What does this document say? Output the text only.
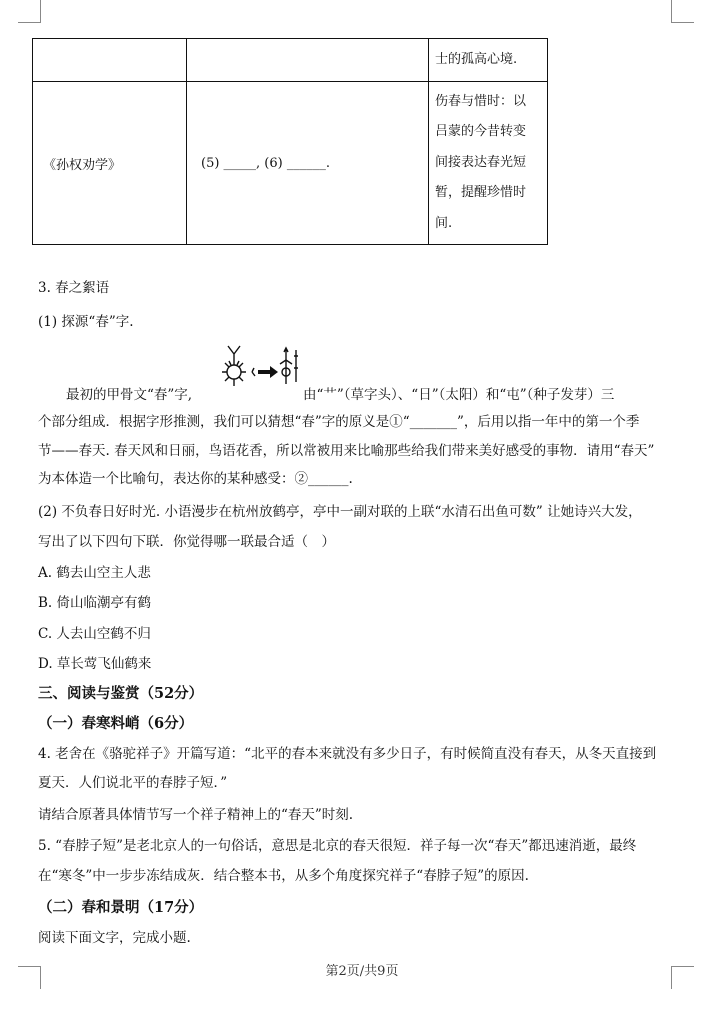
		士的孤高心境.
《孙权劝学》	(5) _____, (6) ______.	伤春与惜时：以
吕蒙的今昔转变
间接表达春光短
暂，提醒珍惜时
间.
3. 春之絮语
(1) 探源“春”字.
最初的甲骨文“春”字,	由“艹”（草字头）、“日”（太阳）和“屯”（种子发芽）三
个部分组成．根据字形推测，我们可以猜想“春”字的原义是①“_______”，后用以指一年中的第一个季
节——春天. 春天风和日丽，鸟语花香，所以常被用来比喻那些给我们带来美好感受的事物．请用“春天”
为本体造一个比喻句，表达你的某种感受：②______.
(2) 不负春日好时光. 小语漫步在杭州放鹤亭，亭中一副对联的上联“水清石出鱼可数” 让她诗兴大发，
写出了以下四句下联．你觉得哪一联最合适（　）
A. 鹤去山空主人悲
B. 倚山临潮亭有鹤
C. 人去山空鹤不归
D. 草长莺飞仙鹤来
三、阅读与鉴赏（52分）
（一）春寒料峭（6分）
4. 老舍在《骆驼祥子》开篇写道：“北平的春本来就没有多少日子，有时候简直没有春天，从冬天直接到
夏天．人们说北平的春脖子短．”
请结合原著具体情节写一个祥子精神上的“春天”时刻.
5. “春脖子短”是老北京人的一句俗话，意思是北京的春天很短．祥子每一次“春天”都迅速消逝，最终
在“寒冬”中一步步冻结成灰．结合整本书，从多个角度探究祥子“春脖子短”的原因.
（二）春和景明（17分）
阅读下面文字，完成小题.
第2页/共9页
